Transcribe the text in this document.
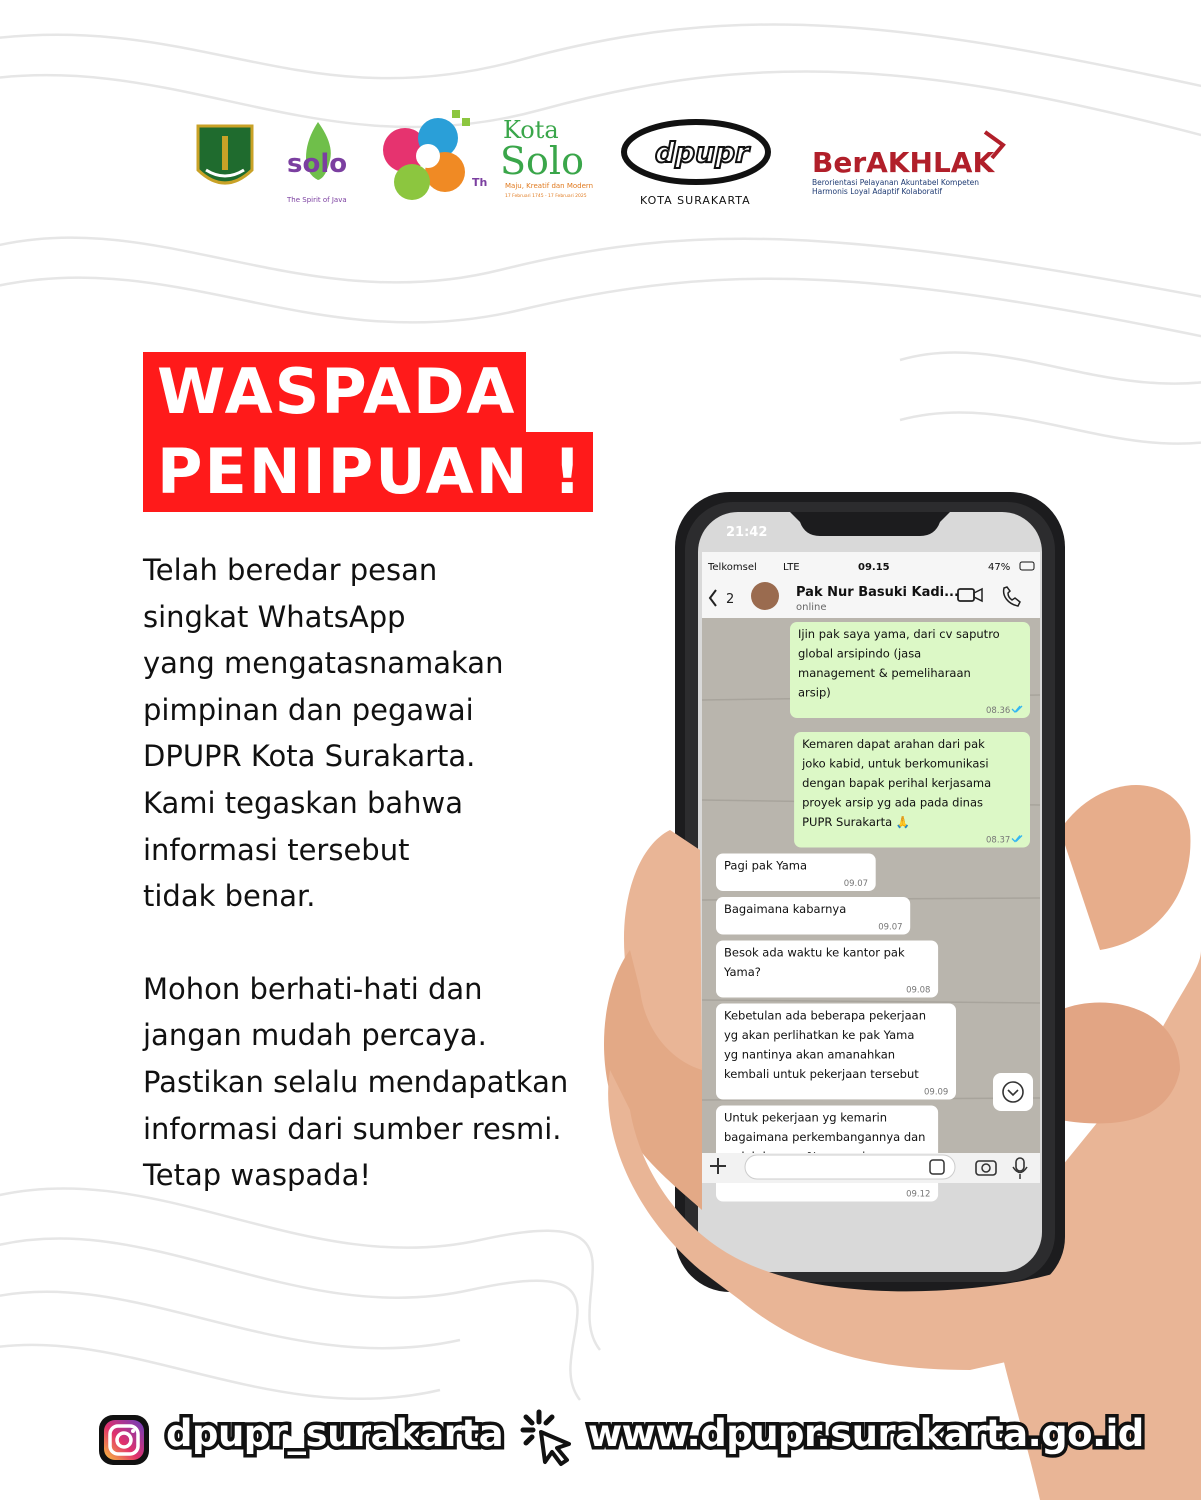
solo
The Spirit of Java
Th
Kota
Solo
Maju, Kreatif dan Modern
17 Februari 1745 - 17 Februari 2025
dpupr
KOTA SURAKARTA
BerAKHLAK
Berorientasi Pelayanan Akuntabel Kompeten
Harmonis Loyal Adaptif Kolaboratif
WASPADA
PENIPUAN !

Telah beredar pesan

singkat WhatsApp

yang mengatasnamakan

pimpinan dan pegawai

DPUPR Kota Surakarta.

Kami tegaskan bahwa

informasi tersebut

tidak benar.

Mohon berhati-hati dan

jangan mudah percaya.

Pastikan selalu mendapatkan

informasi dari sumber resmi.

Tetap waspada!

21:42
Telkomsel	LTE	09.15	47%
2	Pak Nur Basuki Kadi...
online
Ijin pak saya yama, dari cv saputro
global arsipindo (jasa
management & pemeliharaan
arsip)
08.36
Kemaren dapat arahan dari pak
joko kabid, untuk berkomunikasi
dengan bapak perihal kerjasama
proyek arsip yg ada pada dinas
PUPR Surakarta 🙏
08.37
Pagi pak Yama
09.07
Bagaimana kabarnya
09.07
Besok ada waktu ke kantor pak
Yama?
09.08
Kebetulan ada beberapa pekerjaan
yg akan perlihatkan ke pak Yama
yg nantinya akan amanahkan
kembali untuk pekerjaan tersebut
09.09
Untuk pekerjaan yg kemarin
bagaimana perkembangannya dan
09.12
dpupr_surakarta www.dpupr.surakarta.go.id
